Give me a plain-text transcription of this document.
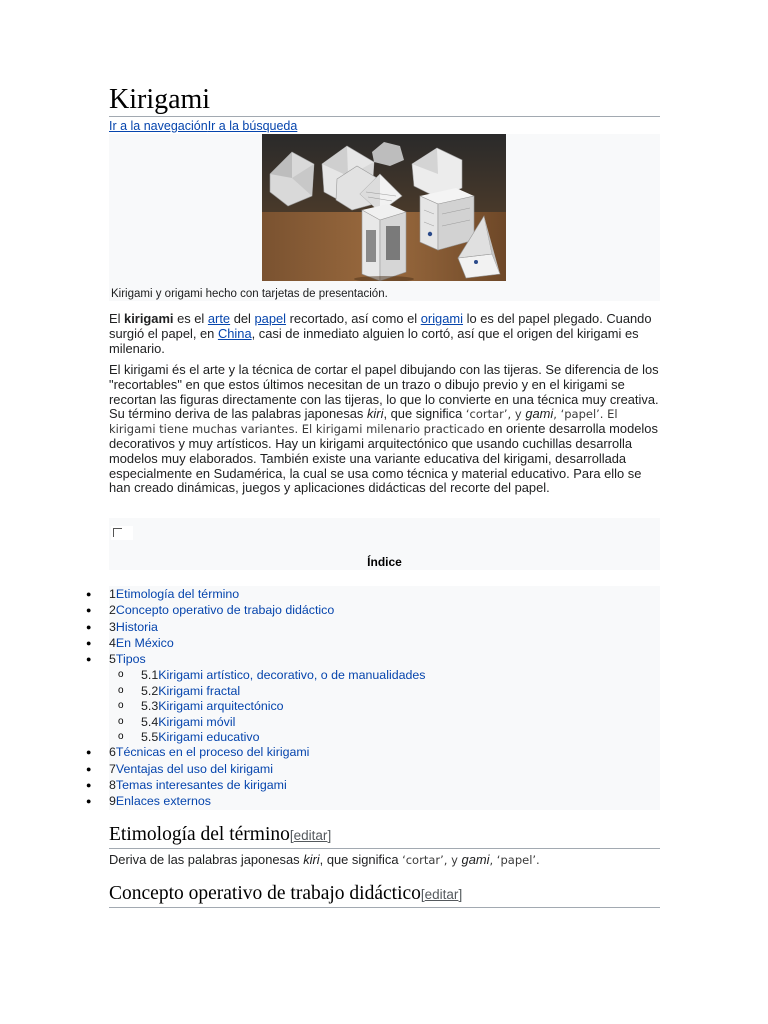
Kirigami
Ir a la navegaciónIr a la búsqueda
Kirigami y origami hecho con tarjetas de presentación.
El kirigami es el arte del papel recortado, así como el origami lo es del papel plegado. Cuando surgió el papel, en China, casi de inmediato alguien lo cortó, así que el origen del kirigami es milenario.
El kirigami és el arte y la técnica de cortar el papel dibujando con las tijeras. Se diferencia de los "recortables" en que estos últimos necesitan de un trazo o dibujo previo y en el kirigami se recortan las figuras directamente con las tijeras, lo que lo convierte en una técnica muy creativa. Su término deriva de las palabras japonesas kiri, que significa ‘cortar’, y gami, ‘papel’. El kirigami tiene muchas variantes. El kirigami milenario practicado en oriente desarrolla modelos decorativos y muy artísticos. Hay un kirigami arquitectónico que usando cuchillas desarrolla modelos muy elaborados. También existe una variante educativa del kirigami, desarrollada especialmente en Sudamérica, la cual se usa como técnica y material educativo. Para ello se han creado dinámicas, juegos y aplicaciones didácticas del recorte del papel.
Índice
● 1Etimología del término
● 2Concepto operativo de trabajo didáctico
● 3Historia
● 4En México
● 5Tipos
o 5.1Kirigami artístico, decorativo, o de manualidades
o 5.2Kirigami fractal
o 5.3Kirigami arquitectónico
o 5.4Kirigami móvil
o 5.5Kirigami educativo
● 6Técnicas en el proceso del kirigami
● 7Ventajas del uso del kirigami
● 8Temas interesantes de kirigami
● 9Enlaces externos
Etimología del término[editar]
Deriva de las palabras japonesas kiri, que significa ‘cortar’, y gami, ‘papel’.
Concepto operativo de trabajo didáctico[editar]
